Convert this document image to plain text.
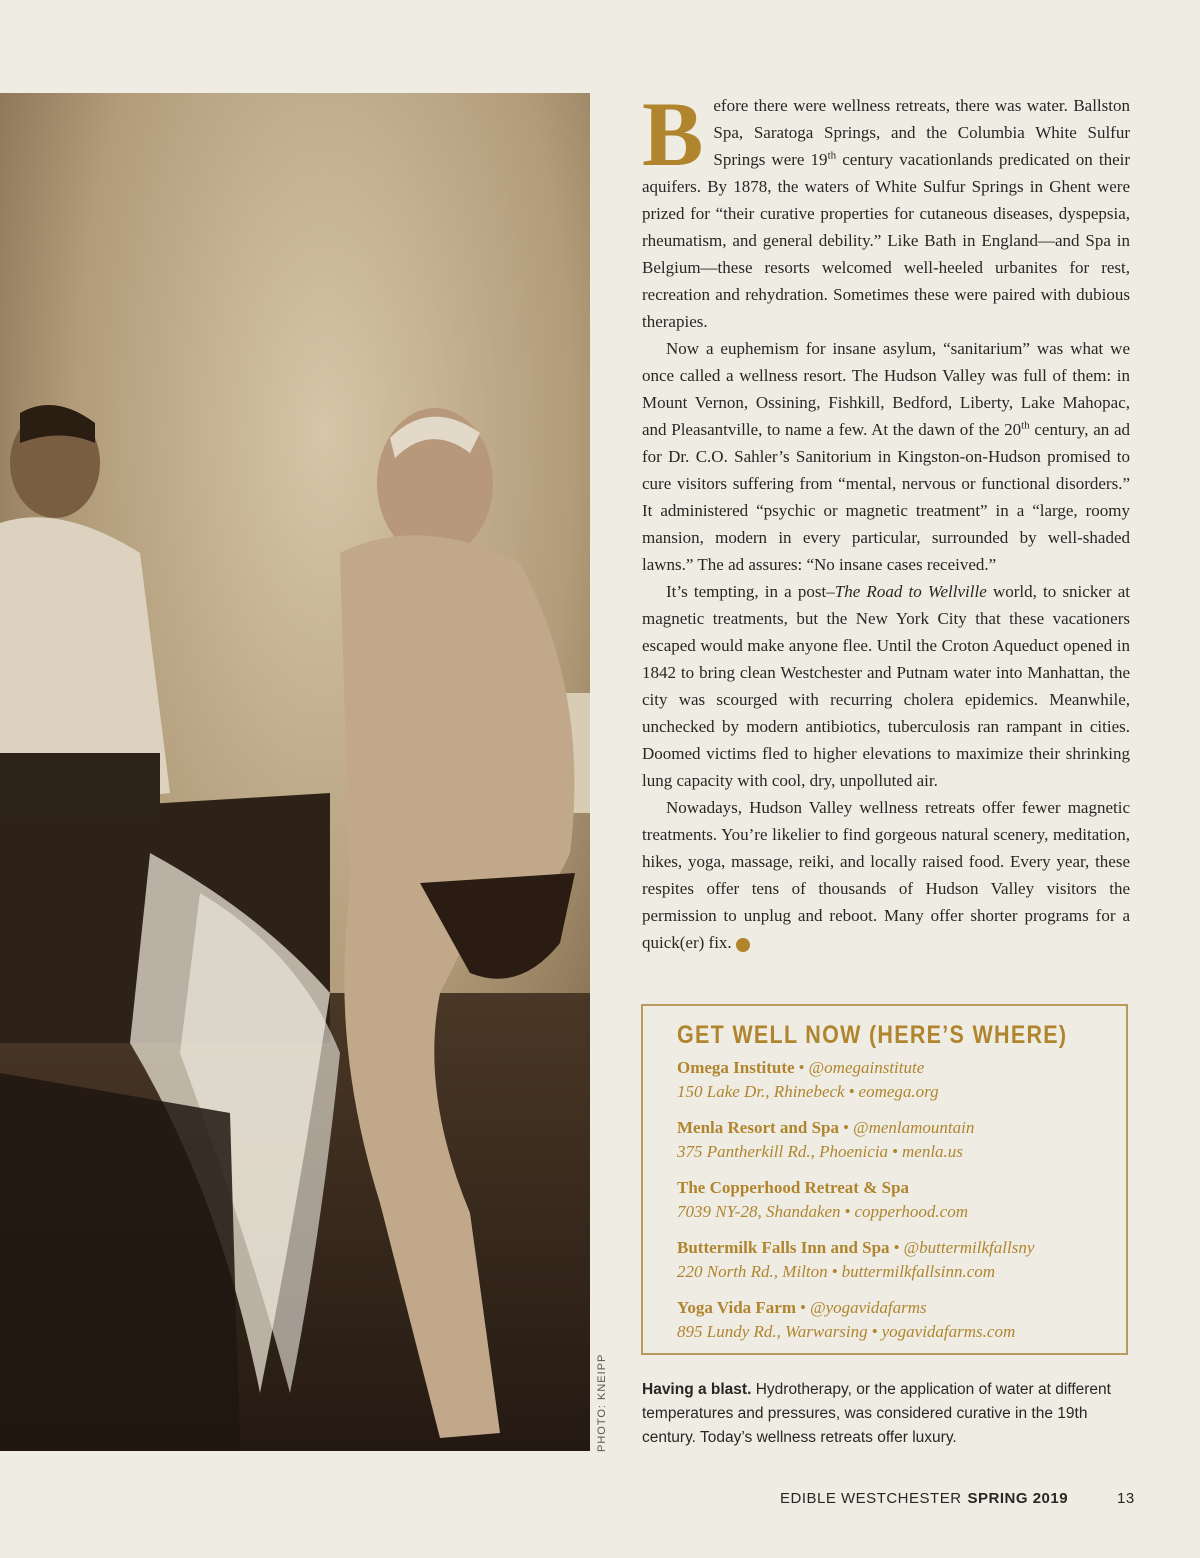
PHOTO: KNEIPP

Before there were wellness retreats, there was water. Ballston Spa, Saratoga Springs, and the Columbia White Sulfur Springs were 19th century vacationlands predicated on their aquifers. By 1878, the waters of White Sulfur Springs in Ghent were prized for “their curative properties for cutaneous diseases, dyspepsia, rheumatism, and general debility.” Like Bath in England—and Spa in Belgium—these resorts welcomed well-heeled urbanites for rest, recreation and rehydration. Sometimes these were paired with dubious therapies.

Now a euphemism for insane asylum, “sanitarium” was what we once called a wellness resort. The Hudson Valley was full of them: in Mount Vernon, Ossining, Fishkill, Bedford, Liberty, Lake Mahopac, and Pleasantville, to name a few. At the dawn of the 20th century, an ad for Dr. C.O. Sahler’s Sanitorium in Kingston-on-Hudson promised to cure visitors suffering from “mental, nervous or functional disorders.” It administered “psychic or magnetic treatment” in a “large, roomy mansion, modern in every particular, surrounded by well-shaded lawns.” The ad assures: “No insane cases received.”

It’s tempting, in a post–The Road to Wellville world, to snicker at magnetic treatments, but the New York City that these vacationers escaped would make anyone flee. Until the Croton Aqueduct opened in 1842 to bring clean Westchester and Putnam water into Manhattan, the city was scourged with recurring cholera epidemics. Meanwhile, unchecked by modern antibiotics, tuberculosis ran rampant in cities. Doomed victims fled to higher elevations to maximize their shrinking lung capacity with cool, dry, unpolluted air.

Nowadays, Hudson Valley wellness retreats offer fewer magnetic treatments. You’re likelier to find gorgeous natural scenery, meditation, hikes, yoga, massage, reiki, and locally raised food. Every year, these respites offer tens of thousands of Hudson Valley visitors the permission to unplug and reboot. Many offer shorter programs for a quick(er) fix.	e

GET WELL NOW (HERE’S WHERE)
Omega Institute • @omegainstitute
150 Lake Dr., Rhinebeck • eomega.org
Menla Resort and Spa • @menlamountain
375 Pantherkill Rd., Phoenicia • menla.us
The Copperhood Retreat & Spa
7039 NY-28, Shandaken • copperhood.com
Buttermilk Falls Inn and Spa • @buttermilkfallsny
220 North Rd., Milton • buttermilkfallsinn.com
Yoga Vida Farm • @yogavidafarms
895 Lundy Rd., Warwarsing • yogavidafarms.com
Having a blast. Hydrotherapy, or the application of water at different temperatures and pressures, was considered curative in the 19th century. Today’s wellness retreats offer luxury.
EDIBLE WESTCHESTER SPRING 2019	13
